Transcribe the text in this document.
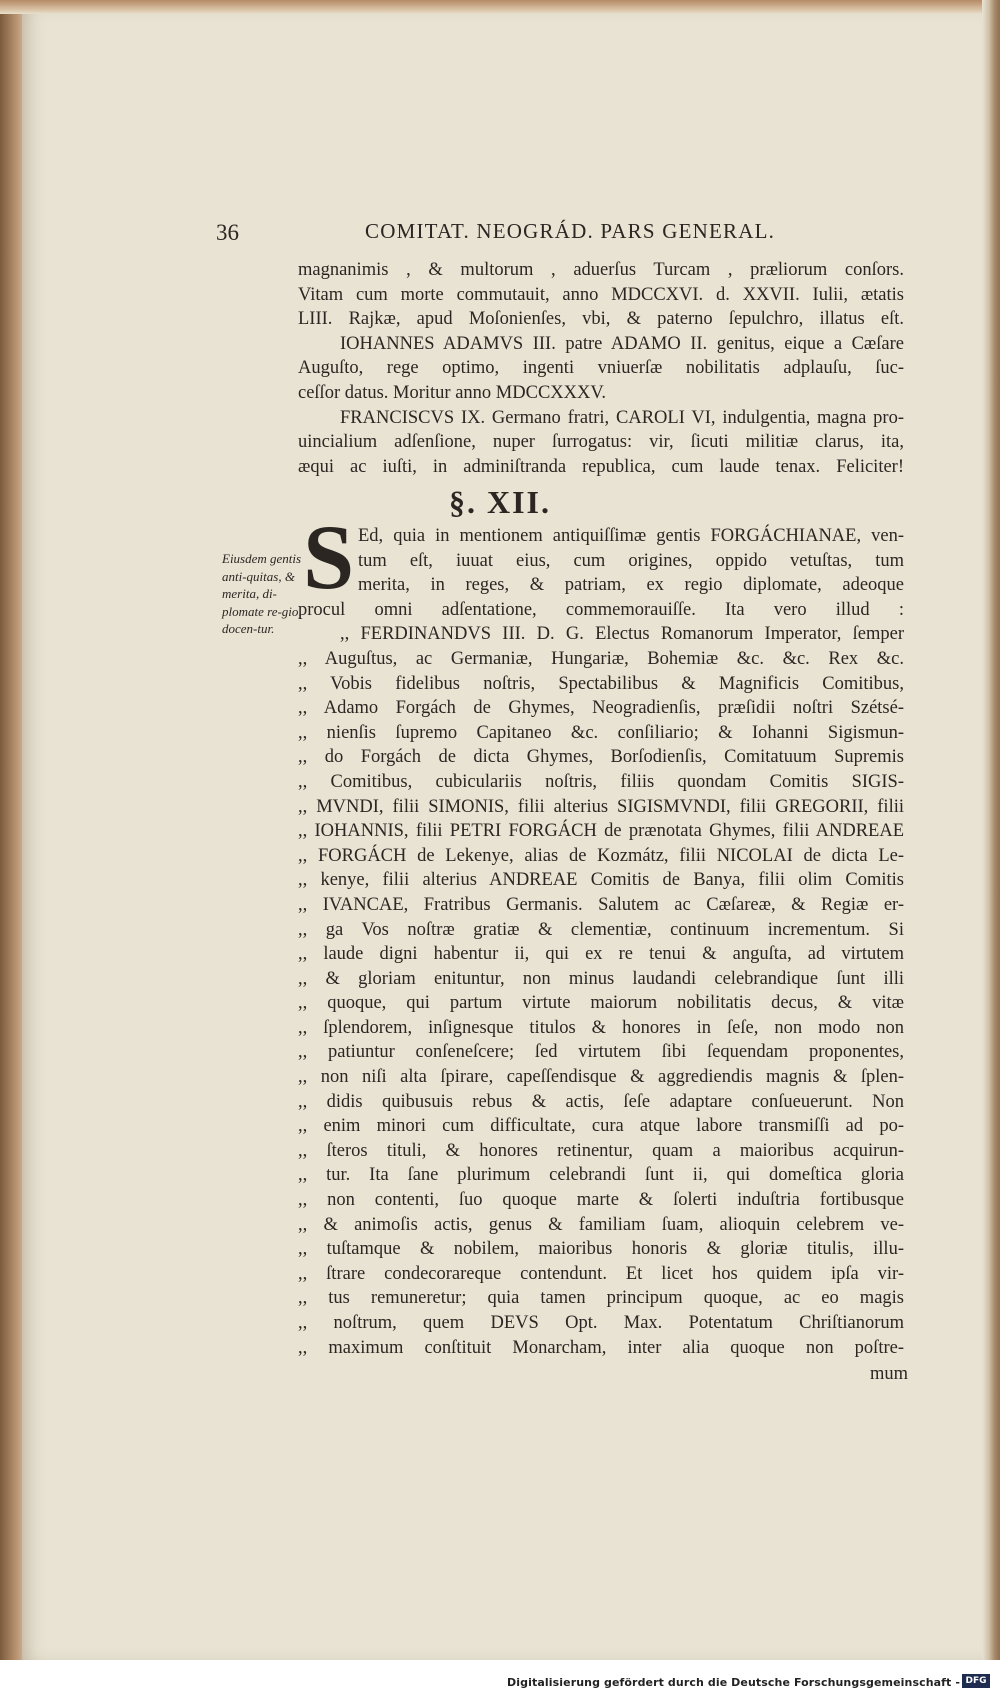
36	COMITAT. NEOGRÁD. PARS GENERAL.
magnanimis , & multorum , aduerſus Turcam , præliorum conſors.
Vitam cum morte commutauit, anno MDCCXVI. d. XXVII. Iulii, ætatis
LIII. Rajkæ, apud Moſonienſes, vbi, & paterno ſepulchro, illatus eſt.
IOHANNES ADAMVS III. patre ADAMO II. genitus, eique a Cæſare
Auguſto, rege optimo, ingenti vniuerſæ nobilitatis adplauſu, ſuc-
ceſſor datus. Moritur anno MDCCXXXV.
FRANCISCVS IX. Germano fratri, CAROLI VI, indulgentia, magna pro-
uincialium adſenſione, nuper ſurrogatus: vir, ſicuti militiæ clarus, ita,
æqui ac iuſti, in adminiſtranda republica, cum laude tenax. Feliciter!
§. XII.
Eiusdem gentis anti-quitas, & merita, di-plomate re-gio, docen-tur.
S Ed, quia in mentionem antiquiſſimæ gentis FORGÁCHIANAE, ven-
tum eſt, iuuat eius, cum origines, oppido vetuſtas, tum
merita, in reges, & patriam, ex regio diplomate, adeoque
procul omni adſentatione, commemorauiſſe. Ita vero illud :
,, FERDINANDVS III. D. G. Electus Romanorum Imperator, ſemper
,, Auguſtus, ac Germaniæ, Hungariæ, Bohemiæ &c. &c. Rex &c.
,, Vobis fidelibus noſtris, Spectabilibus & Magnificis Comitibus,
,, Adamo Forgách de Ghymes, Neogradienſis, præſidii noſtri Szétsé-
,, nienſis ſupremo Capitaneo &c. conſiliario; & Iohanni Sigismun-
,, do Forgách de dicta Ghymes, Borſodienſis, Comitatuum Supremis
,, Comitibus, cubiculariis noſtris, filiis quondam Comitis SIGIS-
,, MVNDI, filii SIMONIS, filii alterius SIGISMVNDI, filii GREGORII, filii
,, IOHANNIS, filii PETRI FORGÁCH de prænotata Ghymes, filii ANDREAE
,, FORGÁCH de Lekenye, alias de Kozmátz, filii NICOLAI de dicta Le-
,, kenye, filii alterius ANDREAE Comitis de Banya, filii olim Comitis
,, IVANCAE, Fratribus Germanis. Salutem ac Cæſareæ, & Regiæ er-
,, ga Vos noſtræ gratiæ & clementiæ, continuum incrementum. Si
,, laude digni habentur ii, qui ex re tenui & anguſta, ad virtutem
,, & gloriam enituntur, non minus laudandi celebrandique ſunt illi
,, quoque, qui partum virtute maiorum nobilitatis decus, & vitæ
,, ſplendorem, inſignesque titulos & honores in ſeſe, non modo non
,, patiuntur conſeneſcere; ſed virtutem ſibi ſequendam proponentes,
,, non niſi alta ſpirare, capeſſendisque & aggrediendis magnis & ſplen-
,, didis quibusuis rebus & actis, ſeſe adaptare conſueuerunt. Non
,, enim minori cum difficultate, cura atque labore transmiſſi ad po-
,, ſteros tituli, & honores retinentur, quam a maioribus acquirun-
,, tur. Ita ſane plurimum celebrandi ſunt ii, qui domeſtica gloria
,, non contenti, ſuo quoque marte & ſolerti induſtria fortibusque
,, & animoſis actis, genus & familiam ſuam, alioquin celebrem ve-
,, tuſtamque & nobilem, maioribus honoris & gloriæ titulis, illu-
,, ſtrare condecorareque contendunt. Et licet hos quidem ipſa vir-
,, tus remuneretur; quia tamen principum quoque, ac eo magis
,, noſtrum, quem DEVS Opt. Max. Potentatum Chriſtianorum
,, maximum conſtituit Monarcham, inter alia quoque non poſtre-
mum
Digitalisierung gefördert durch die Deutsche Forschungsgemeinschaft - DFG
